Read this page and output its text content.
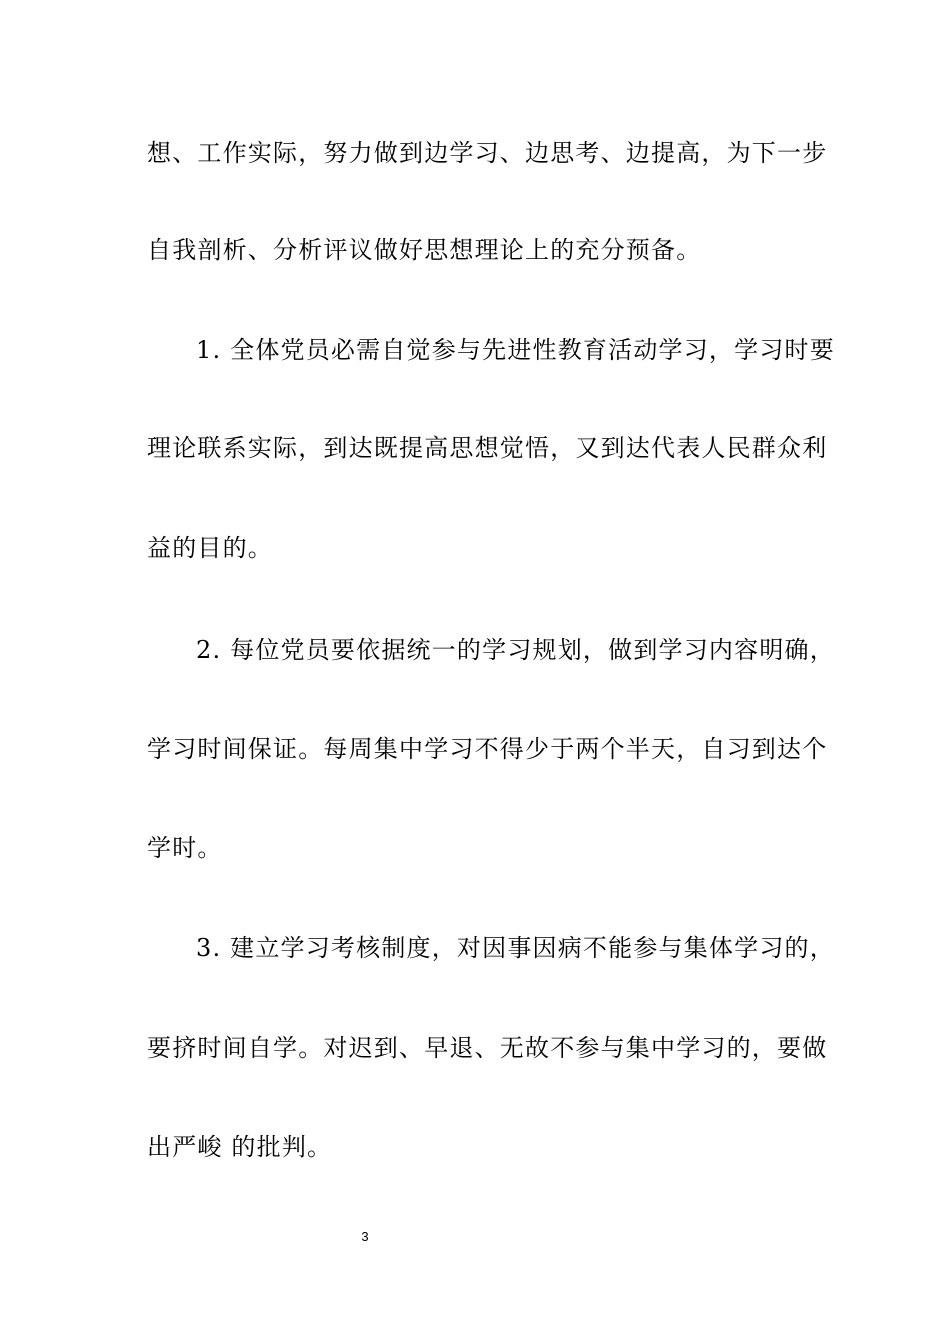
想、工作实际，努力做到边学习、边思考、边提高，为下一步
自我剖析、分析评议做好思想理论上的充分预备。
1. 全体党员必需自觉参与先进性教育活动学习，学习时要
理论联系实际，到达既提高思想觉悟，又到达代表人民群众利
益的目的。
2. 每位党员要依据统一的学习规划，做到学习内容明确，
学习时间保证。每周集中学习不得少于两个半天，自习到达个
学时。
3. 建立学习考核制度，对因事因病不能参与集体学习的，
要挤时间自学。对迟到、早退、无故不参与集中学习的，要做
出严峻 的批判。
3
